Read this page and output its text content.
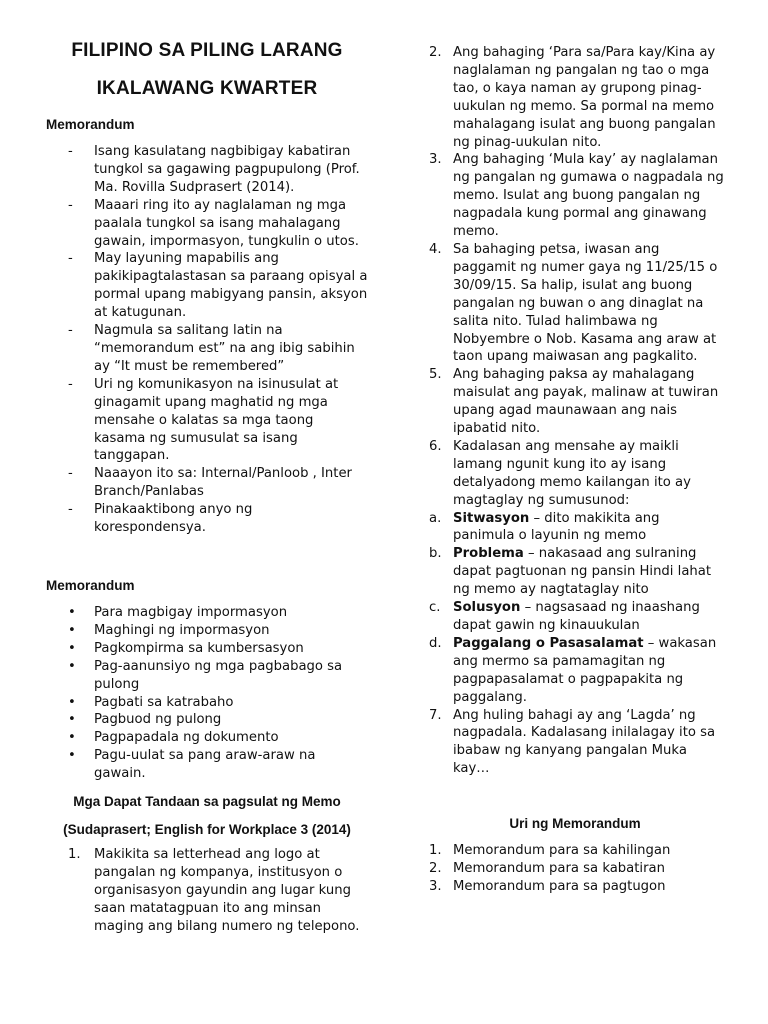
FILIPINO SA PILING LARANG
IKALAWANG KWARTER
Memorandum
- Isang kasulatang nagbibigay kabatiran tungkol sa gagawing pagpupulong (Prof. Ma. Rovilla Sudprasert (2014).
- Maaari ring ito ay naglalaman ng mga paalala tungkol sa isang mahalagang gawain, impormasyon, tungkulin o utos.
- May layuning mapabilis ang pakikipagtalastasan sa paraang opisyal a pormal upang mabigyang pansin, aksyon at katugunan.
- Nagmula sa salitang latin na “memorandum est” na ang ibig sabihin ay “It must be remembered”
- Uri ng komunikasyon na isinusulat at ginagamit upang maghatid ng mga mensahe o kalatas sa mga taong kasama ng sumusulat sa isang tanggapan.
- Naaayon ito sa: Internal/Panloob , Inter Branch/Panlabas
- Pinakaaktibong anyo ng korespondensya.
Memorandum
• Para magbigay impormasyon
• Maghingi ng impormasyon
• Pagkompirma sa kumbersasyon
• Pag-aanunsiyo ng mga pagbabago sa pulong
• Pagbati sa katrabaho
• Pagbuod ng pulong
• Pagpapadala ng dokumento
• Pagu-uulat sa pang araw-araw na gawain.
Mga Dapat Tandaan sa pagsulat ng Memo
(Sudaprasert; English for Workplace 3 (2014)
1. Makikita sa letterhead ang logo at pangalan ng kompanya, institusyon o organisasyon gayundin ang lugar kung saan matatagpuan ito ang minsan maging ang bilang numero ng telepono.
2. Ang bahaging ‘Para sa/Para kay/Kina ay naglalaman ng pangalan ng tao o mga tao, o kaya naman ay grupong pinag-uukulan ng memo. Sa pormal na memo mahalagang isulat ang buong pangalan ng pinag-uukulan nito.
3. Ang bahaging ‘Mula kay’ ay naglalaman ng pangalan ng gumawa o nagpadala ng memo. Isulat ang buong pangalan ng nagpadala kung pormal ang ginawang memo.
4. Sa bahaging petsa, iwasan ang paggamit ng numer gaya ng 11/25/15 o 30/09/15. Sa halip, isulat ang buong pangalan ng buwan o ang dinaglat na salita nito. Tulad halimbawa ng Nobyembre o Nob. Kasama ang araw at taon upang maiwasan ang pagkalito.
5. Ang bahaging paksa ay mahalagang maisulat ang payak, malinaw at tuwiran upang agad maunawaan ang nais ipabatid nito.
6. Kadalasan ang mensahe ay maikli lamang ngunit kung ito ay isang detalyadong memo kailangan ito ay magtaglay ng sumusunod:
a. Sitwasyon – dito makikita ang panimula o layunin ng memo
b. Problema – nakasaad ang sulraning dapat pagtuonan ng pansin Hindi lahat ng memo ay nagtataglay nito
c. Solusyon – nagsasaad ng inaashang dapat gawin ng kinauukulan
d. Paggalang o Pasasalamat – wakasan ang mermo sa pamamagitan ng pagpapasalamat o pagpapakita ng paggalang.
7. Ang huling bahagi ay ang ‘Lagda’ ng nagpadala. Kadalasang inilalagay ito sa ibabaw ng kanyang pangalan Muka kay…
Uri ng Memorandum
1. Memorandum para sa kahilingan
2. Memorandum para sa kabatiran
3. Memorandum para sa pagtugon
